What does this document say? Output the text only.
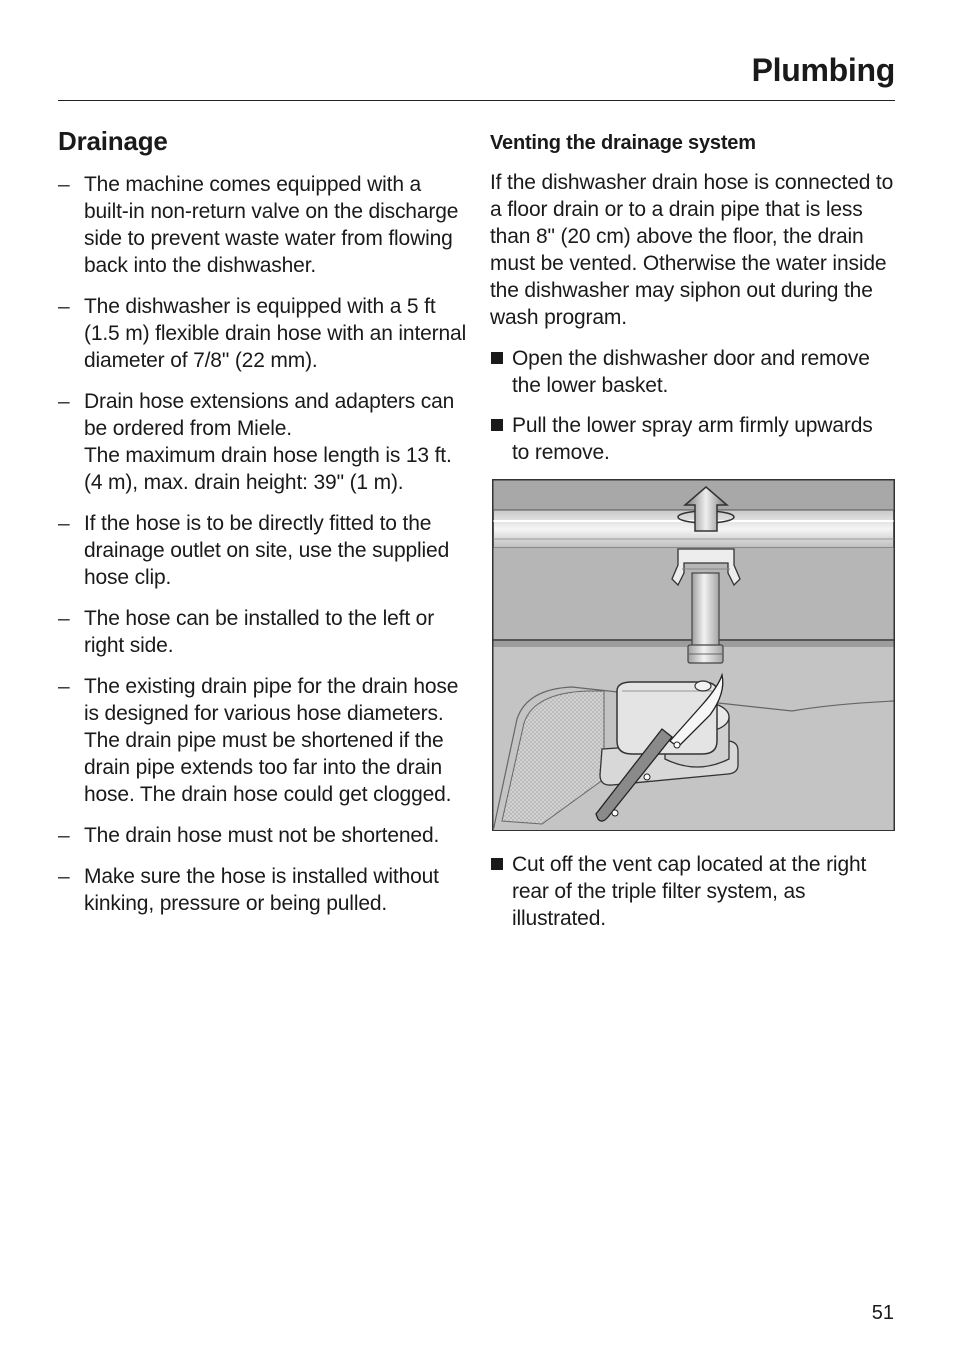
Plumbing
Drainage
– The machine comes equipped with a built-in non-return valve on the discharge side to prevent waste water from flowing back into the dishwasher.
– The dishwasher is equipped with a 5 ft (1.5 m) flexible drain hose with an internal diameter of 7/8" (22 mm).
– Drain hose extensions and adapters can be ordered from Miele.
The maximum drain hose length is 13 ft. (4 m), max. drain height: 39" (1 m).
– If the hose is to be directly fitted to the drainage outlet on site, use the supplied hose clip.
– The hose can be installed to the left or right side.
– The existing drain pipe for the drain hose is designed for various hose diameters. The drain pipe must be shortened if the drain pipe extends too far into the drain hose. The drain hose could get clogged.
– The drain hose must not be shortened.
– Make sure the hose is installed without kinking, pressure or being pulled.
Venting the drainage system

If the dishwasher drain hose is connected to a floor drain or to a drain pipe that is less than 8" (20 cm) above the floor, the drain must be vented. Otherwise the water inside the dishwasher may siphon out during the wash program.

Open the dishwasher door and remove the lower basket.
Pull the lower spray arm firmly upwards to remove.
Cut off the vent cap located at the right rear of the triple filter system, as illustrated.
51
